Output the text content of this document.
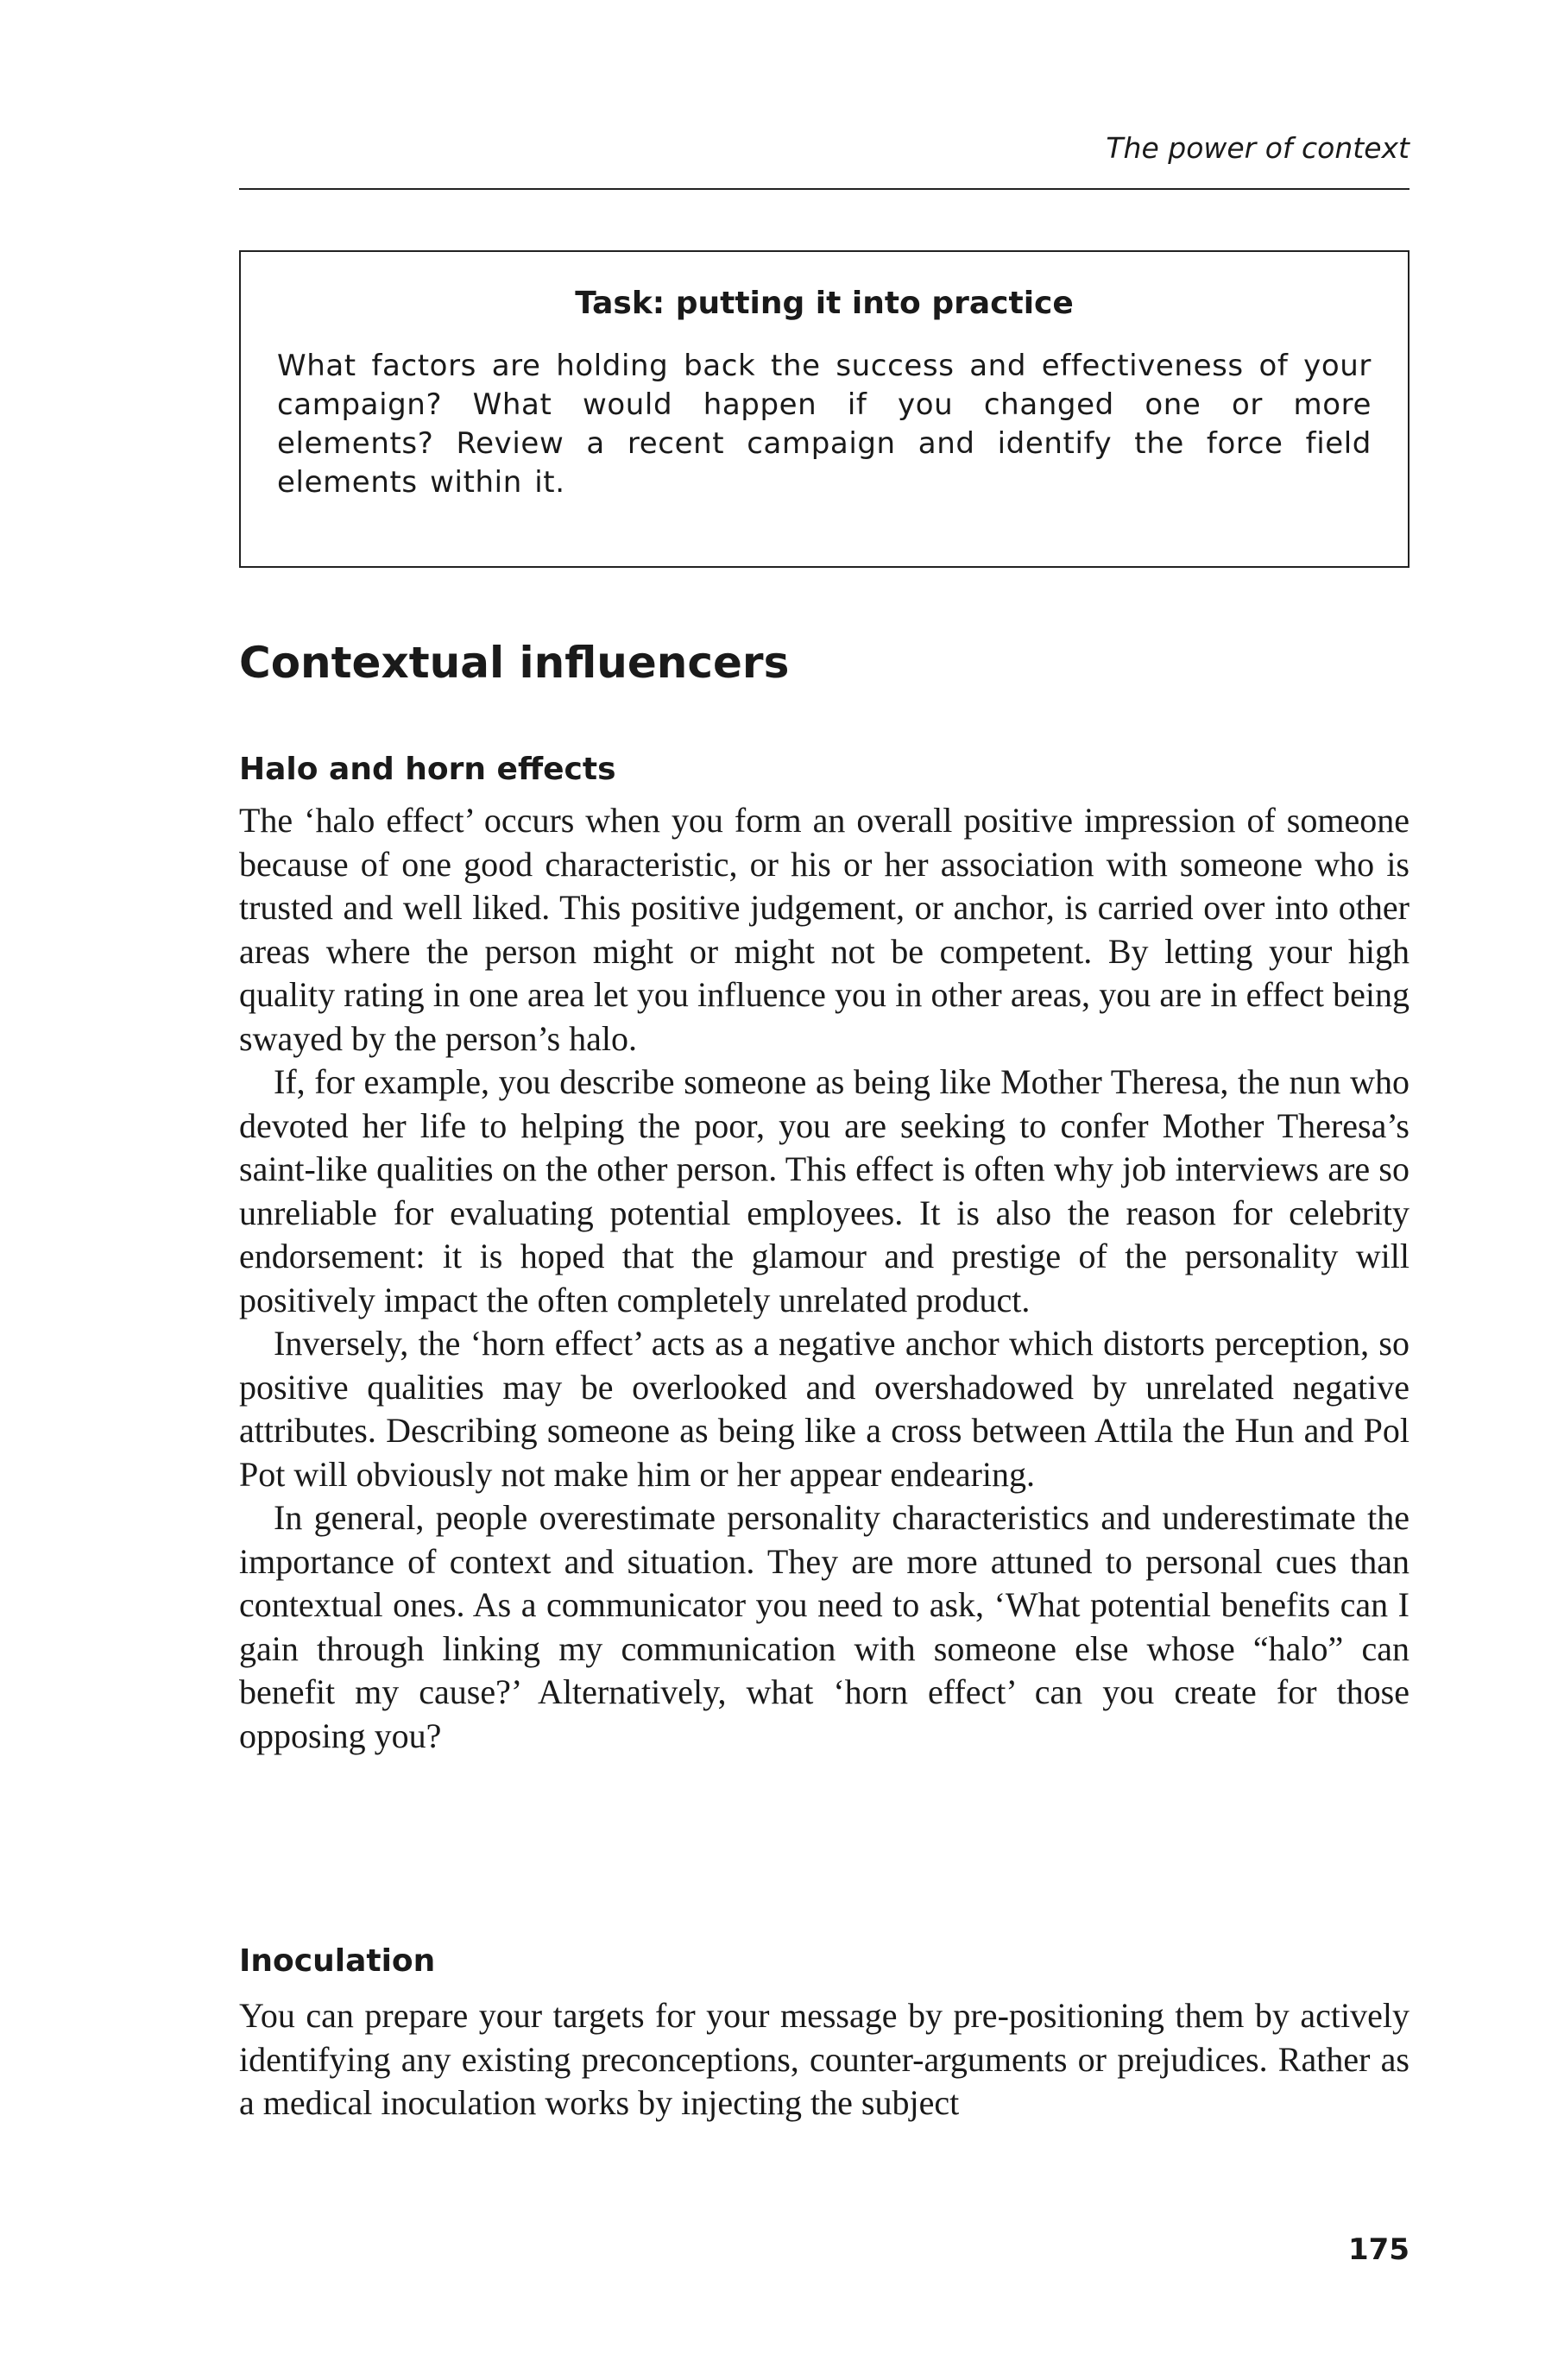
The power of context

Task: putting it into practice

What factors are holding back the success and effectiveness of your campaign? What would happen if you changed one or more elements? Review a recent campaign and identify the force field elements within it.

Contextual influencers
Halo and horn effects

The ‘halo effect’ occurs when you form an overall positive impression of someone because of one good characteristic, or his or her association with someone who is trusted and well liked. This positive judgement, or anchor, is carried over into other areas where the person might or might not be competent. By letting your high quality rating in one area let you influence you in other areas, you are in effect being swayed by the person’s halo.

If, for example, you describe someone as being like Mother Theresa, the nun who devoted her life to helping the poor, you are seeking to confer Mother Theresa’s saint-like qualities on the other person. This effect is often why job interviews are so unreliable for evaluating potential employees. It is also the reason for celebrity endorsement: it is hoped that the glamour and prestige of the personality will positively impact the often completely unrelated product.

Inversely, the ‘horn effect’ acts as a negative anchor which distorts perception, so positive qualities may be overlooked and overshadowed by unrelated negative attributes. Describing someone as being like a cross between Attila the Hun and Pol Pot will obviously not make him or her appear endearing.

In general, people overestimate personality characteristics and underestimate the importance of context and situation. They are more attuned to personal cues than contextual ones. As a communicator you need to ask, ‘What potential benefits can I gain through linking my communication with someone else whose “halo” can benefit my cause?’ Alternatively, what ‘horn effect’ can you create for those opposing you?

Inoculation

You can prepare your targets for your message by pre-positioning them by actively identifying any existing preconceptions, counter-arguments or prejudices. Rather as a medical inoculation works by injecting the subject

175
